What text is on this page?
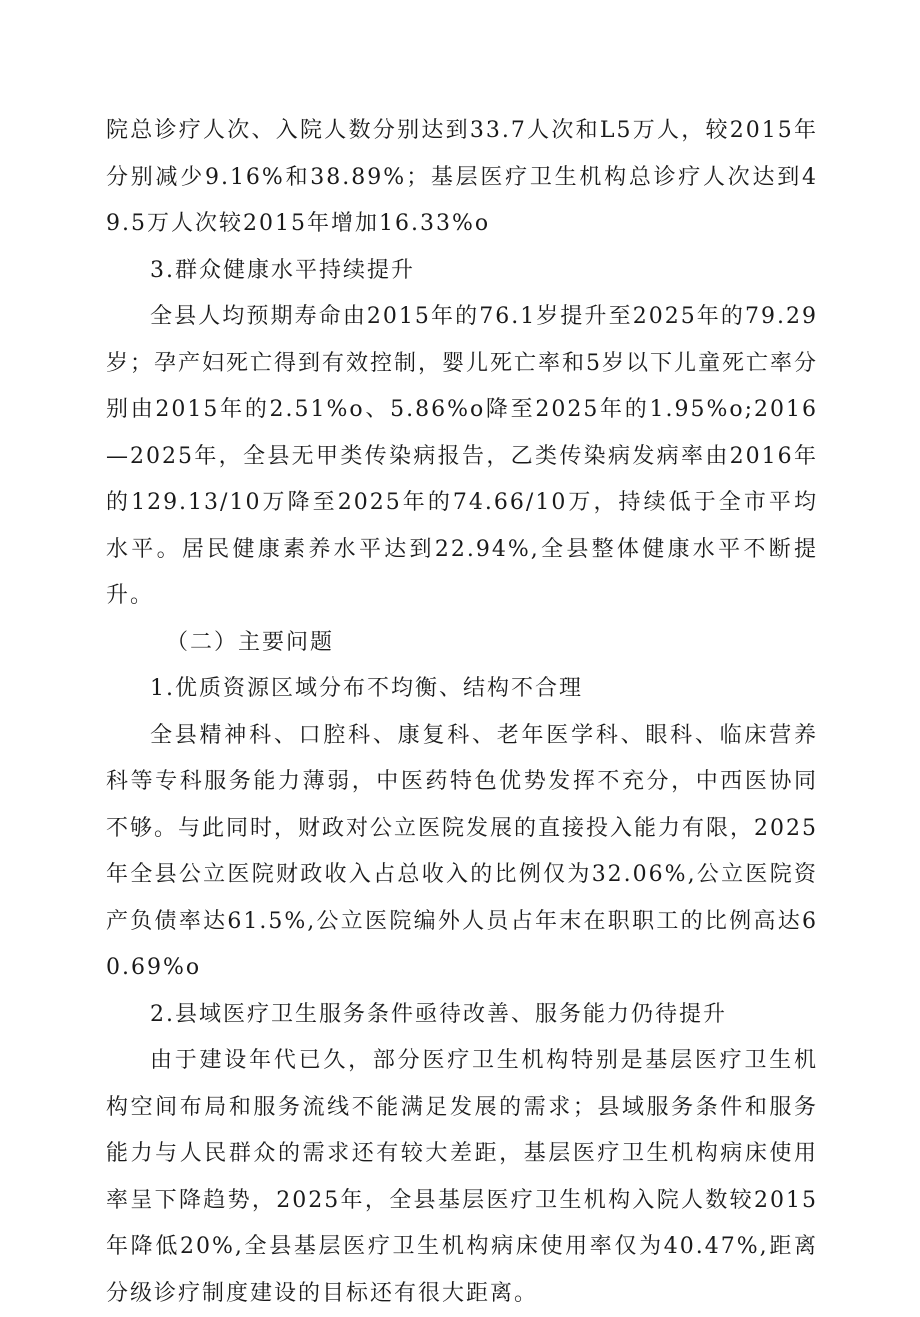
院总诊疗人次、入院人数分别达到33.7人次和L5万人，较2015年分别减少9.16%和38.89%；基层医疗卫生机构总诊疗人次达到49.5万人次较2015年增加16.33%o

3.群众健康水平持续提升

全县人均预期寿命由2015年的76.1岁提升至2025年的79.29岁；孕产妇死亡得到有效控制，婴儿死亡率和5岁以下儿童死亡率分别由2015年的2.51%o、5.86%o降至2025年的1.95%o;2016—2025年，全县无甲类传染病报告，乙类传染病发病率由2016年的129.13/10万降至2025年的74.66/10万，持续低于全市平均水平。居民健康素养水平达到22.94%,全县整体健康水平不断提升。

（二）主要问题

1.优质资源区域分布不均衡、结构不合理

全县精神科、口腔科、康复科、老年医学科、眼科、临床营养科等专科服务能力薄弱，中医药特色优势发挥不充分，中西医协同不够。与此同时，财政对公立医院发展的直接投入能力有限，2025年全县公立医院财政收入占总收入的比例仅为32.06%,公立医院资产负债率达61.5%,公立医院编外人员占年末在职职工的比例高达60.69%o

2.县域医疗卫生服务条件亟待改善、服务能力仍待提升

由于建设年代已久，部分医疗卫生机构特别是基层医疗卫生机构空间布局和服务流线不能满足发展的需求；县域服务条件和服务能力与人民群众的需求还有较大差距，基层医疗卫生机构病床使用率呈下降趋势，2025年，全县基层医疗卫生机构入院人数较2015年降低20%,全县基层医疗卫生机构病床使用率仅为40.47%,距离分级诊疗制度建设的目标还有很大距离。
